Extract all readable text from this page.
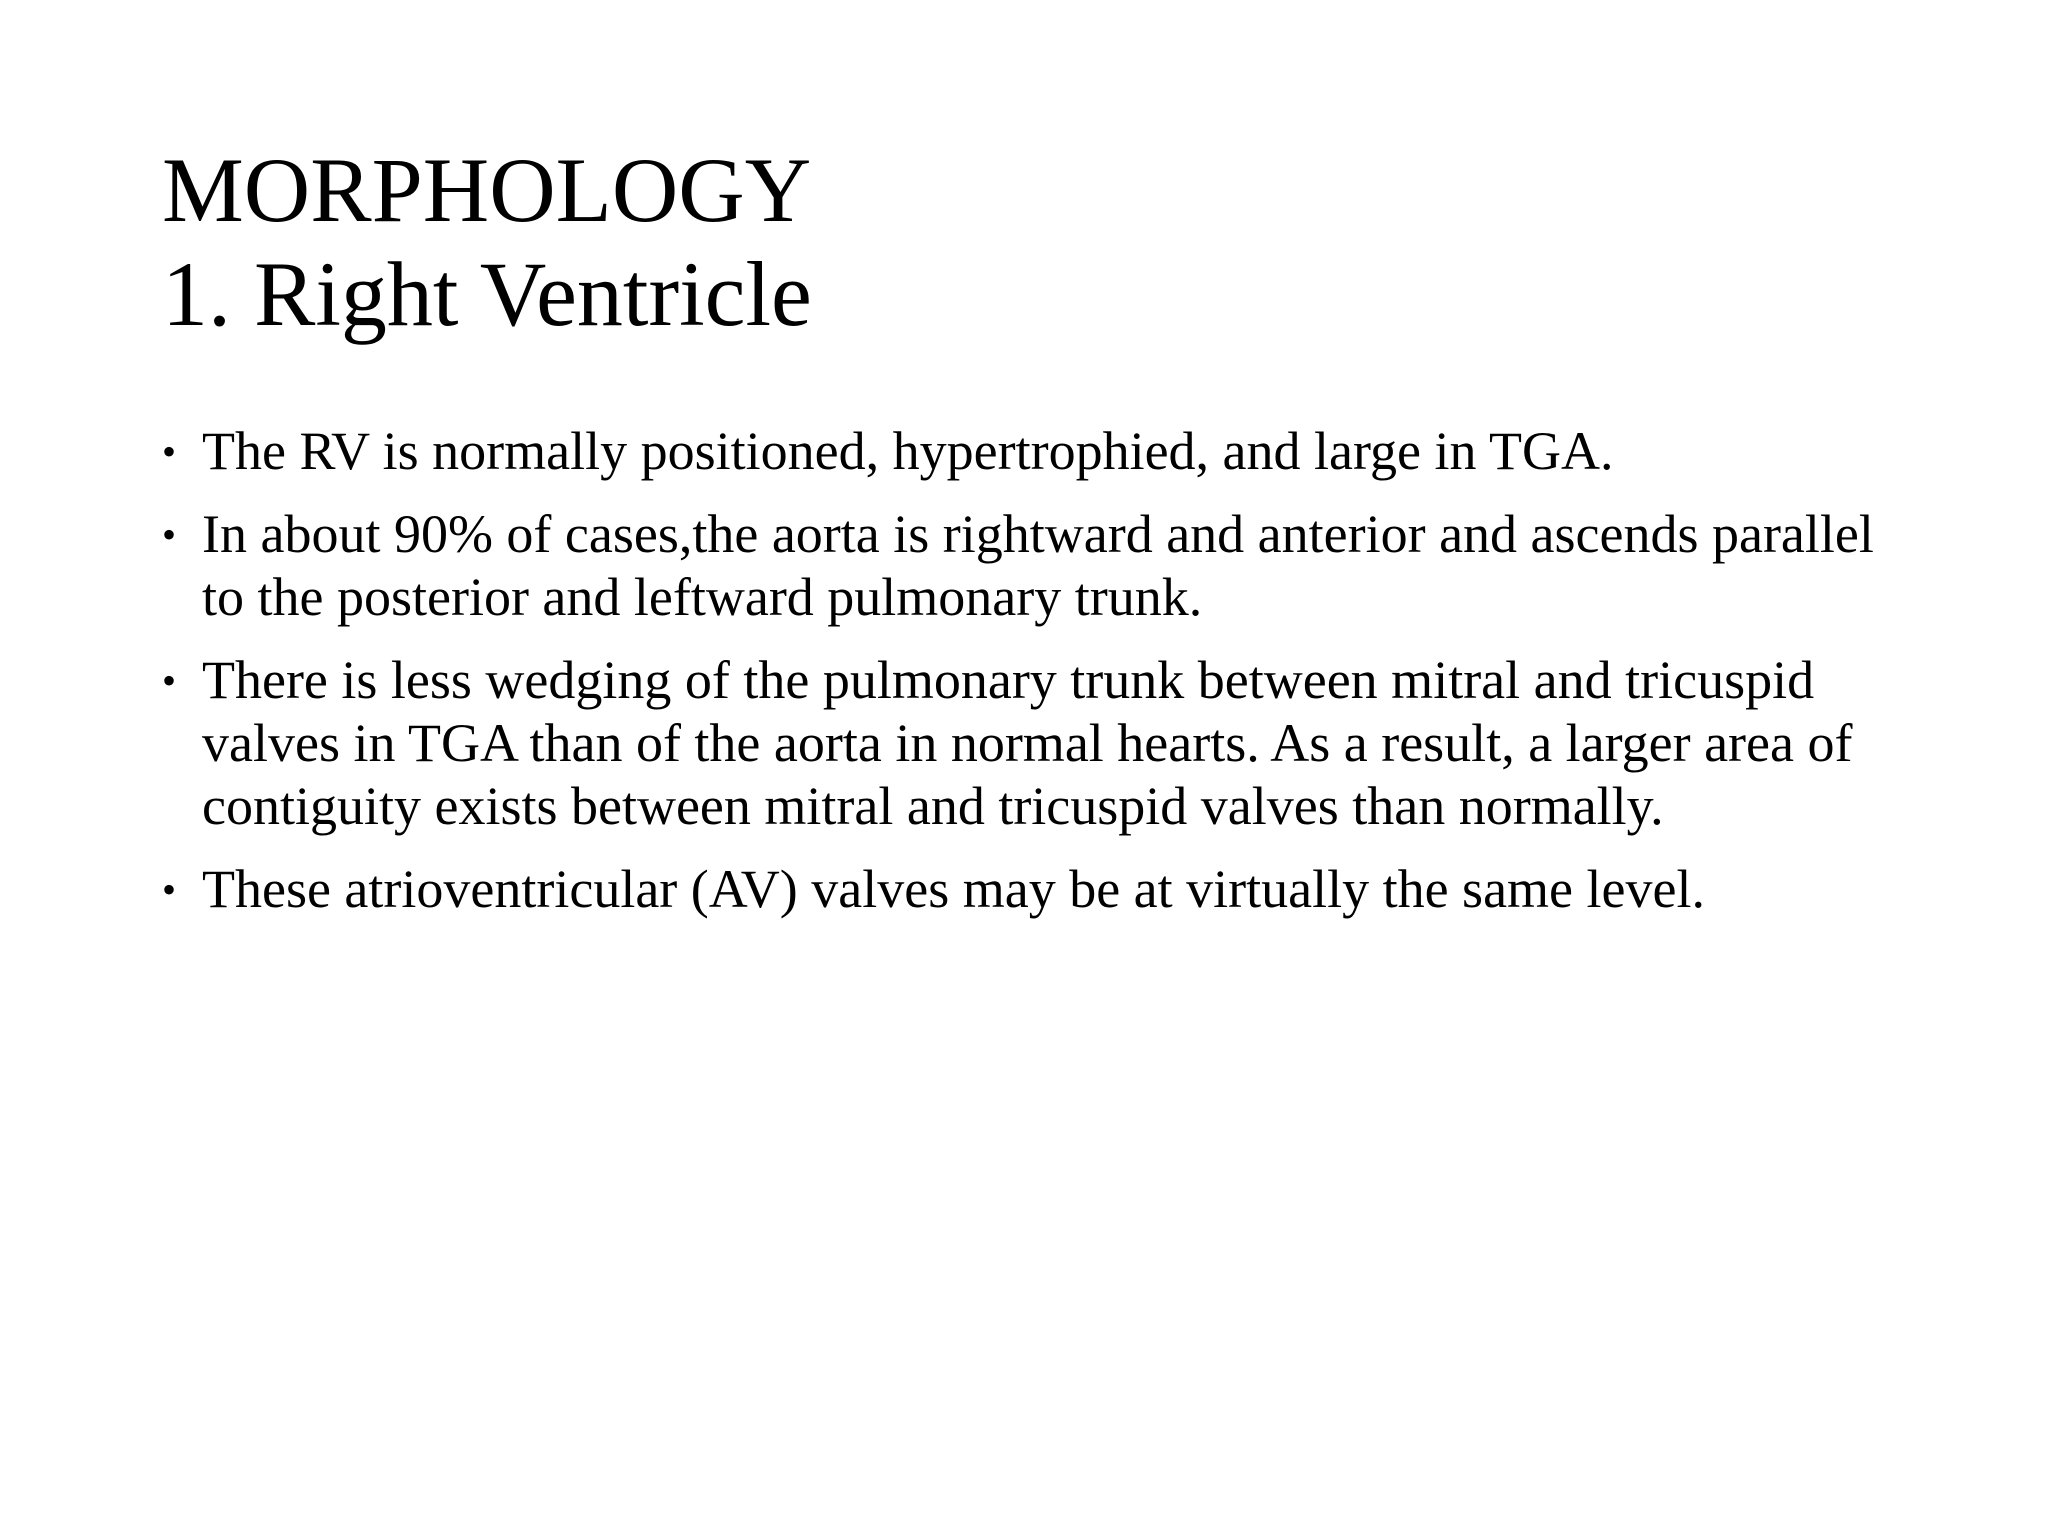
MORPHOLOGY
1. Right Ventricle
• The RV is normally positioned, hypertrophied, and large in TGA.
• In about 90% of cases,the aorta is rightward and anterior and ascends parallel to the posterior and leftward pulmonary trunk.
• There is less wedging of the pulmonary trunk between mitral and tricuspid valves in TGA than of the aorta in normal hearts. As a result, a larger area of contiguity exists between mitral and tricuspid valves than normally.
• These atrioventricular (AV) valves may be at virtually the same level.
